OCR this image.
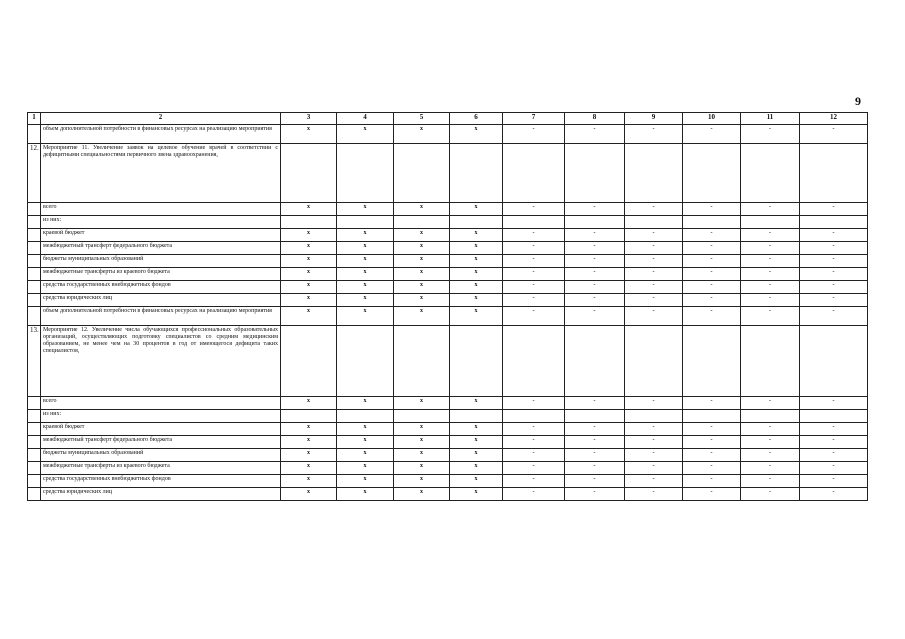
9
1	2	3	4	5	6	7	8	9	10	11	12
	объем дополнительной потребности в финансовых ресурсах на реализацию мероприятия	x	x	x	x	-	-	-	-	-	-
12.	Мероприятие 11. Увеличение заявок на целевое обучение врачей в соответствии с дефицитными специальностями первичного звена здравоохранения,										
	всего	x	x	x	x	-	-	-	-	-	-
	из них:										
	краевой бюджет	x	x	x	x	-	-	-	-	-	-
	межбюджетный трансферт федерального бюджета	x	x	x	x	-	-	-	-	-	-
	бюджеты муниципальных образований	x	x	x	x	-	-	-	-	-	-
	межбюджетные трансферты из краевого бюджета	x	x	x	x	-	-	-	-	-	-
	средства государственных внебюджетных фондов	x	x	x	x	-	-	-	-	-	-
	средства юридических лиц	x	x	x	x	-	-	-	-	-	-
	объем дополнительной потребности в финансовых ресурсах на реализацию мероприятия	x	x	x	x	-	-	-	-	-	-
13.	Мероприятие 12. Увеличение числа обучающихся профессиональных образовательных организаций, осуществляющих подготовку специалистов со средним медицинским образованием, не менее чем на 30 процентов в год от имеющегося дефицита таких специалистов,										
	всего	x	x	x	x	-	-	-	-	-	-
	из них:										
	краевой бюджет	x	x	x	x	-	-	-	-	-	-
	межбюджетный трансферт федерального бюджета	x	x	x	x	-	-	-	-	-	-
	бюджеты муниципальных образований	x	x	x	x	-	-	-	-	-	-
	межбюджетные трансферты из краевого бюджета	x	x	x	x	-	-	-	-	-	-
	средства государственных внебюджетных фондов	x	x	x	x	-	-	-	-	-	-
	средства юридических лиц	x	x	x	x	-	-	-	-	-	-
